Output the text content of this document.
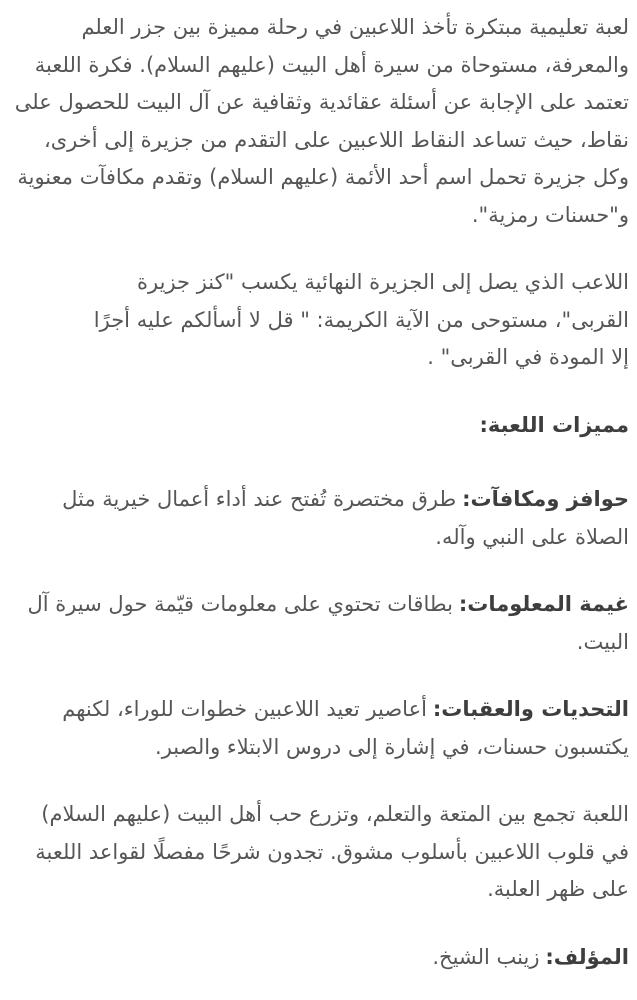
لعبة تعليمية مبتكرة تأخذ اللاعبين في رحلة مميزة بين جزر العلم والمعرفة، مستوحاة من سيرة أهل البيت (عليهم السلام). فكرة اللعبة تعتمد على الإجابة عن أسئلة عقائدية وثقافية عن آل البيت للحصول على نقاط، حيث تساعد النقاط اللاعبين على التقدم من جزيرة إلى أخرى، وكل جزيرة تحمل اسم أحد الأئمة (عليهم السلام) وتقدم مكافآت معنوية و"حسنات رمزية".

اللاعب الذي يصل إلى الجزيرة النهائية يكسب "كنز جزيرة القربى"، مستوحى من الآية الكريمة: " قل لا أسألكم عليه أجرًا إلا المودة في القربى" .

مميزات اللعبة:

حوافز ومكافآت:طرق مختصرة تُفتح عند أداء أعمال خيرية مثل الصلاة على النبي وآله.

غيمة المعلومات:بطاقات تحتوي على معلومات قيّمة حول سيرة آل البيت.

التحديات والعقبات:أعاصير تعيد اللاعبين خطوات للوراء، لكنهم يكتسبون حسنات، في إشارة إلى دروس الابتلاء والصبر.

اللعبة تجمع بين المتعة والتعلم، وتزرع حب أهل البيت (عليهم السلام) في قلوب اللاعبين بأسلوب مشوق. تجدون شرحًا مفصلًا لقواعد اللعبة على ظهر العلبة.

المؤلف:زينب الشيخ.
